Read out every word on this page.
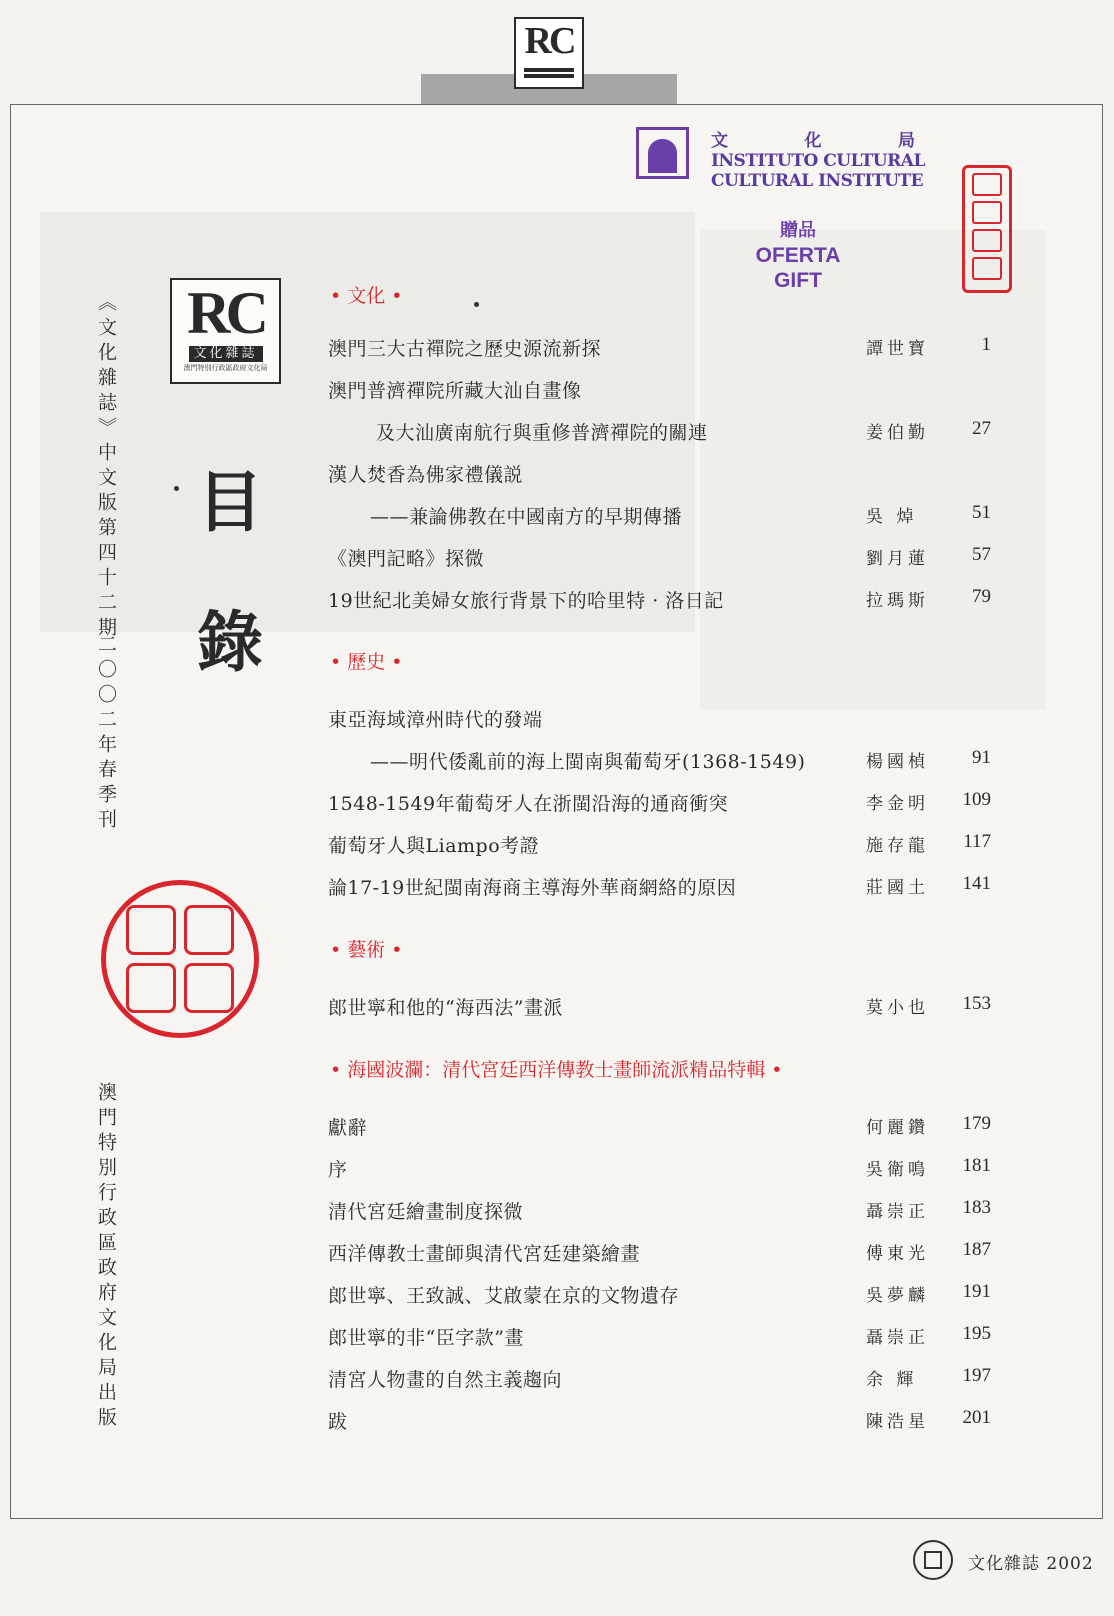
RC
文	化	局
INSTITUTO CULTURAL
CULTURAL INSTITUTE
贈品
OFERTA
GIFT
RC
文化雜誌
澳門特別行政區政府文化局
目
錄
《文化雜誌》中文版第四十二期
二〇〇二年春季刊
澳門特別行政區政府文化局出版
• 文化 •
• 歷史 •
• 藝術 •
• 海國波瀾：清代宮廷西洋傳教士畫師流派精品特輯 •
澳門三大古禪院之歷史源流新探	譚世寶	1
澳門普濟禪院所藏大汕自畫像
及大汕廣南航行與重修普濟禪院的關連	姜伯勤 27
漢人焚香為佛家禮儀説
——兼論佛教在中國南方的早期傳播	吳 焯	51
《澳門記略》探微	劉月蓮 57
19世紀北美婦女旅行背景下的哈里特 · 洛日記	拉瑪斯 79
東亞海域漳州時代的發端
——明代倭亂前的海上閩南與葡萄牙(1368-1549)	楊國楨 91
1548-1549年葡萄牙人在浙閩沿海的通商衝突	李金明 109
葡萄牙人與Liampo考證	施存龍 117
論17-19世紀閩南海商主導海外華商網絡的原因	莊國土 141
郎世寧和他的“海西法”畫派	莫小也 153
獻辭	何麗鑽 179
序	吳衛鳴 181
清代宮廷繪畫制度探微	聶崇正 183
西洋傳教士畫師與清代宮廷建築繪畫	傅東光 187
郎世寧、王致誠、艾啟蒙在京的文物遺存	吳夢麟 191
郎世寧的非“臣字款”畫	聶崇正 195
清宮人物畫的自然主義趨向	余 輝 197
跋	陳浩星 201
文化雜誌 2002
